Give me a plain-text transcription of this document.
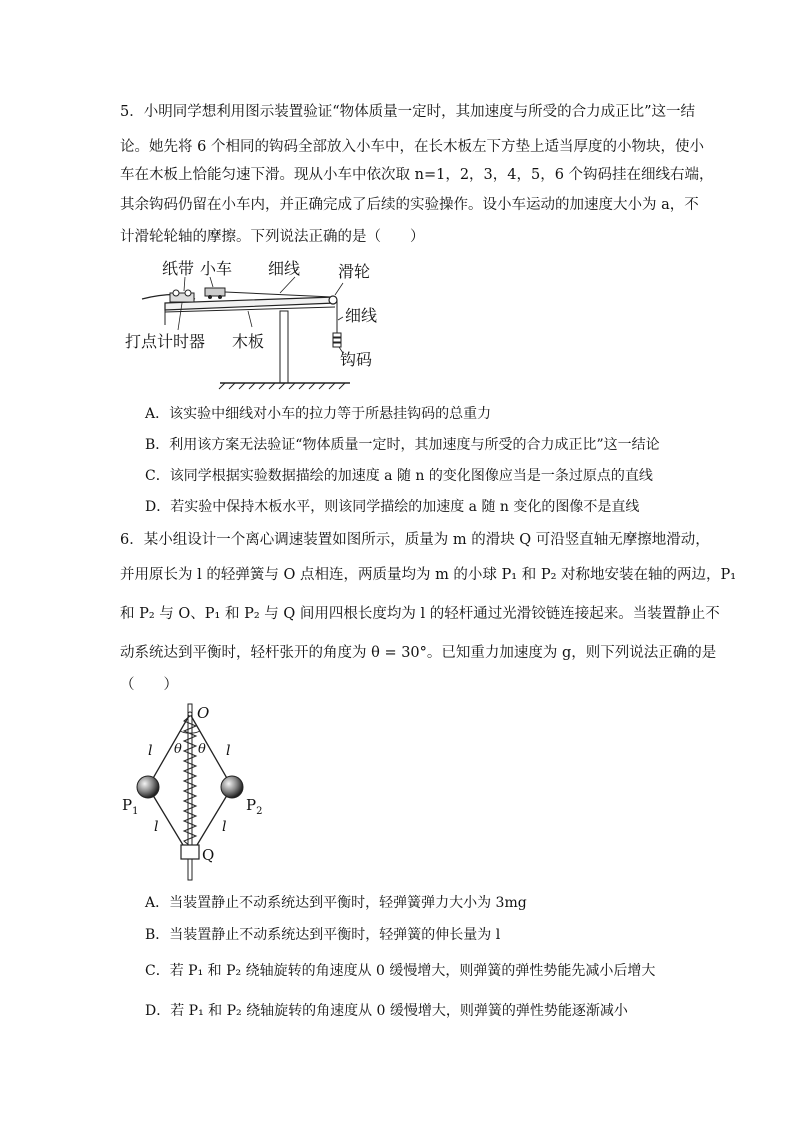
5．小明同学想利用图示装置验证“物体质量一定时，其加速度与所受的合力成正比”这一结
论。她先将 6 个相同的钩码全部放入小车中，在长木板左下方垫上适当厚度的小物块，使小
车在木板上恰能匀速下滑。现从小车中依次取 n=1，2，3，4，5，6 个钩码挂在细线右端，
其余钩码仍留在小车内，并正确完成了后续的实验操作。设小车运动的加速度大小为 a，不
计滑轮轮轴的摩擦。下列说法正确的是（　　）
纸带 小车 细线 滑轮
细线
打点计时器 木板
钩码
A．该实验中细线对小车的拉力等于所悬挂钩码的总重力
B．利用该方案无法验证“物体质量一定时，其加速度与所受的合力成正比”这一结论
C．该同学根据实验数据描绘的加速度 a 随 n 的变化图像应当是一条过原点的直线
D．若实验中保持木板水平，则该同学描绘的加速度 a 随 n 变化的图像不是直线
6．某小组设计一个离心调速装置如图所示，质量为 m 的滑块 Q 可沿竖直轴无摩擦地滑动，
并用原长为 l 的轻弹簧与 O 点相连，两质量均为 m 的小球 P₁ 和 P₂ 对称地安装在轴的两边，P₁
和 P₂ 与 O、P₁ 和 P₂ 与 Q 间用四根长度均为 l 的轻杆通过光滑铰链连接起来。当装置静止不
动系统达到平衡时，轻杆张开的角度为 θ = 30°。已知重力加速度为 g，则下列说法正确的是
（　　）
O
θ θ
l	l
l	l
$P_1$	$P_2$
Q
A．当装置静止不动系统达到平衡时，轻弹簧弹力大小为 3mg
B．当装置静止不动系统达到平衡时，轻弹簧的伸长量为 l
C．若 P₁ 和 P₂ 绕轴旋转的角速度从 0 缓慢增大，则弹簧的弹性势能先减小后增大
D．若 P₁ 和 P₂ 绕轴旋转的角速度从 0 缓慢增大，则弹簧的弹性势能逐渐减小
